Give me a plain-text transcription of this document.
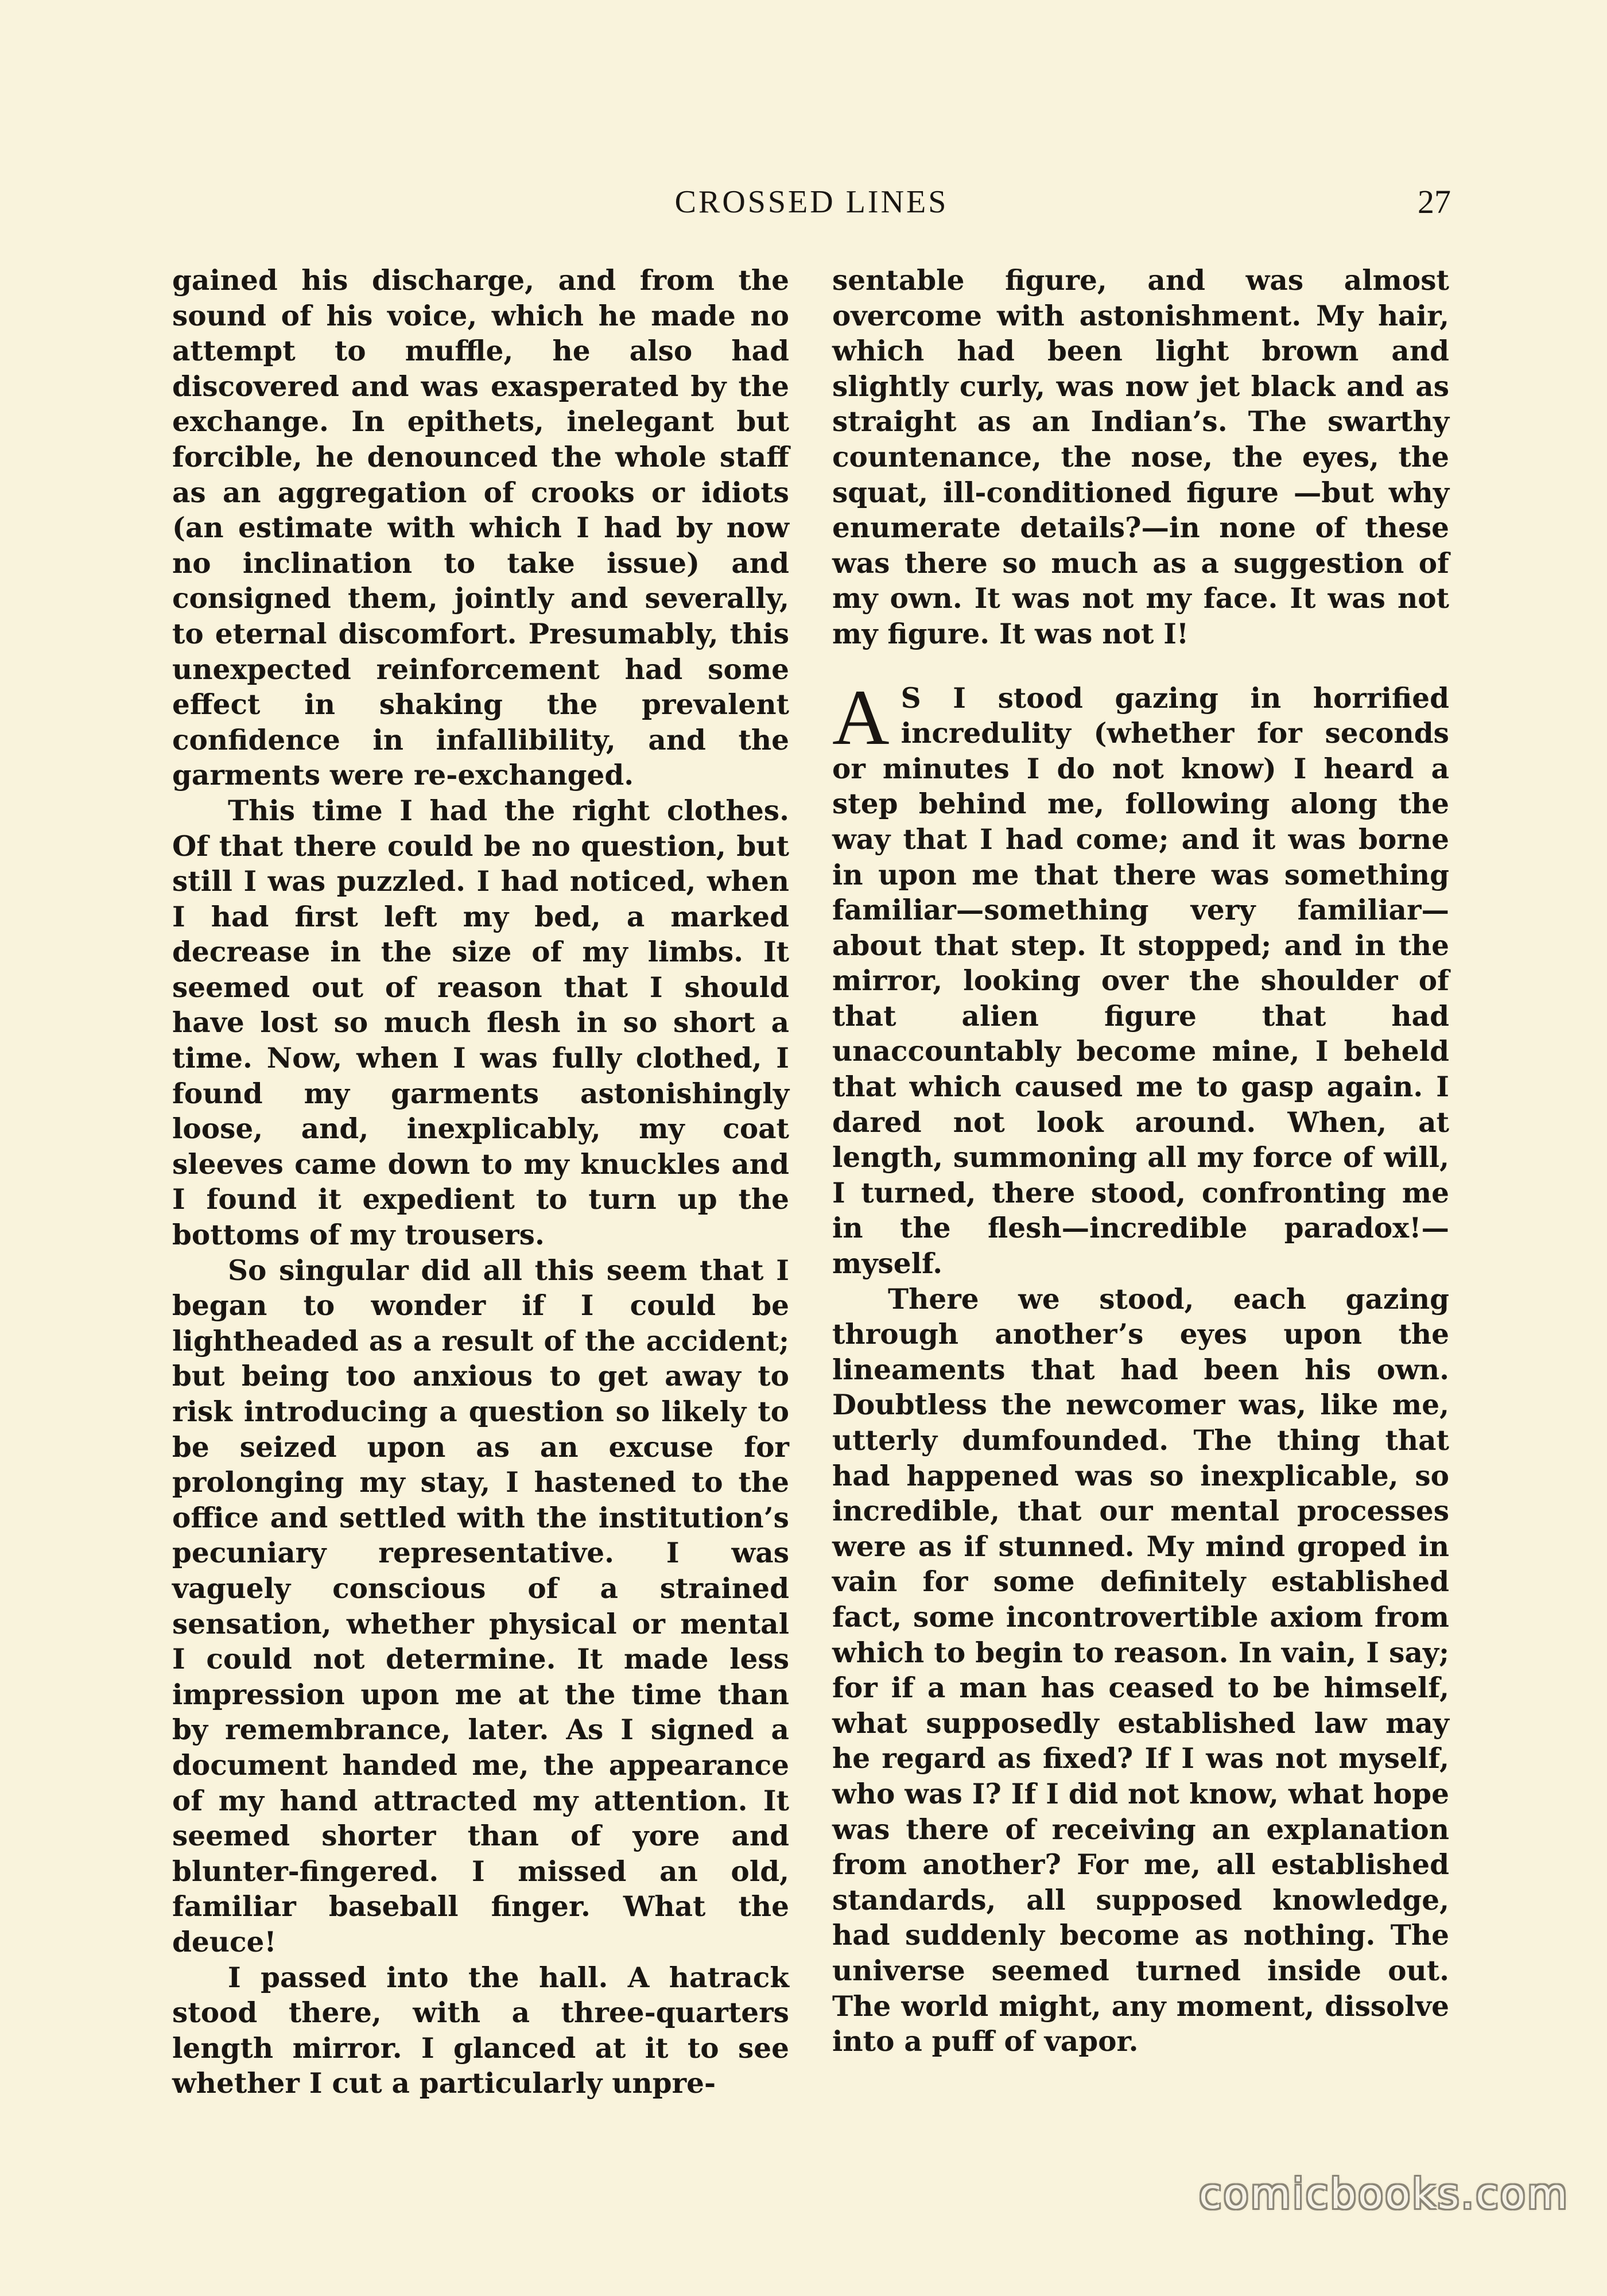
CROSSED LINES	27

gained his discharge, and from the sound of his voice, which he made no attempt to muffle, he also had discovered and was exasperated by the exchange. In epithets, inelegant but forcible, he denounced the whole staff as an aggregation of crooks or idiots (an estimate with which I had by now no inclination to take issue) and consigned them, jointly and severally, to eternal discomfort. Presumably, this unexpected reinforcement had some effect in shaking the prevalent confidence in infallibility, and the garments were re-exchanged.

This time I had the right clothes. Of that there could be no question, but still I was puzzled. I had noticed, when I had first left my bed, a marked decrease in the size of my limbs. It seemed out of reason that I should have lost so much flesh in so short a time. Now, when I was fully clothed, I found my garments astonishingly loose, and, inexplicably, my coat sleeves came down to my knuckles and I found it expedient to turn up the bottoms of my trousers.

So singular did all this seem that I began to wonder if I could be lightheaded as a result of the accident; but being too anxious to get away to risk introducing a question so likely to be seized upon as an excuse for prolonging my stay, I hastened to the office and settled with the institution’s pecuniary representative. I was vaguely conscious of a strained sensation, whether physical or mental I could not determine. It made less impression upon me at the time than by remembrance, later. As I signed a document handed me, the appearance of my hand attracted my attention. It seemed shorter than of yore and blunter-fingered. I missed an old, familiar baseball finger. What the deuce!

I passed into the hall. A hatrack stood there, with a three-quarters length mirror. I glanced at it to see whether I cut a particularly unpre-

sentable figure, and was almost overcome with astonishment. My hair, which had been light brown and slightly curly, was now jet black and as straight as an Indian’s. The swarthy countenance, the nose, the eyes, the squat, ill-conditioned figure —but why enumerate details?—in none of these was there so much as a suggestion of my own. It was not my face. It was not my figure. It was not I!

A S I stood gazing in horrified incredulity (whether for seconds or minutes I do not know) I heard a step behind me, following along the way that I had come; and it was borne in upon me that there was something familiar—something very familiar—about that step. It stopped; and in the mirror, looking over the shoulder of that alien figure that had unaccountably become mine, I beheld that which caused me to gasp again. I dared not look around. When, at length, summoning all my force of will, I turned, there stood, confronting me in the flesh—incredible paradox!—myself.

There we stood, each gazing through another’s eyes upon the lineaments that had been his own. Doubtless the newcomer was, like me, utterly dumfounded. The thing that had happened was so inexplicable, so incredible, that our mental processes were as if stunned. My mind groped in vain for some definitely established fact, some incontrovertible axiom from which to begin to reason. In vain, I say; for if a man has ceased to be himself, what supposedly established law may he regard as fixed? If I was not myself, who was I? If I did not know, what hope was there of receiving an explanation from another? For me, all established standards, all supposed knowledge, had suddenly become as nothing. The universe seemed turned inside out. The world might, any moment, dissolve into a puff of vapor.

comicbooks.com
